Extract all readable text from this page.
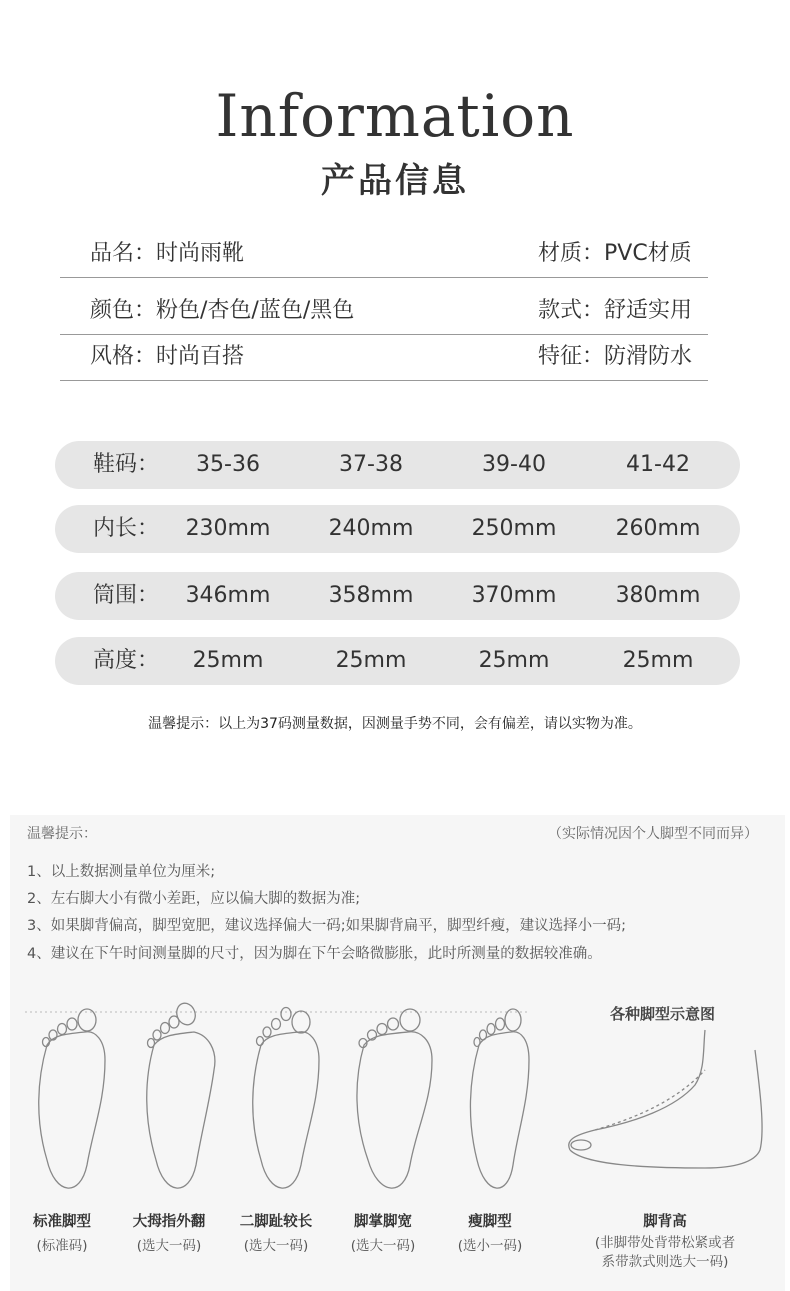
Information
产品信息
品名：时尚雨靴	材质：PVC材质
颜色：粉色/杏色/蓝色/黑色	款式：舒适实用
风格：时尚百搭	特征：防滑防水
鞋码：	35-36	37-38	39-40	41-42
内长：	230mm	240mm	250mm	260mm
筒围：	346mm	358mm	370mm	380mm
高度：	25mm	25mm	25mm	25mm
温馨提示：以上为37码测量数据，因测量手势不同，会有偏差，请以实物为准。
温馨提示：	（实际情况因个人脚型不同而异）
1、以上数据测量单位为厘米;
2、左右脚大小有微小差距，应以偏大脚的数据为准;
3、如果脚背偏高，脚型宽肥，建议选择偏大一码;如果脚背扁平，脚型纤瘦，建议选择小一码;
4、建议在下午时间测量脚的尺寸，因为脚在下午会略微膨胀，此时所测量的数据较准确。
各种脚型示意图
标准脚型
(标准码)
大拇指外翻
(选大一码)
二脚趾较长
(选大一码)
脚掌脚宽
(选大一码)
瘦脚型
(选小一码)
脚背高
(非脚带处背带松紧或者
系带款式则选大一码)
